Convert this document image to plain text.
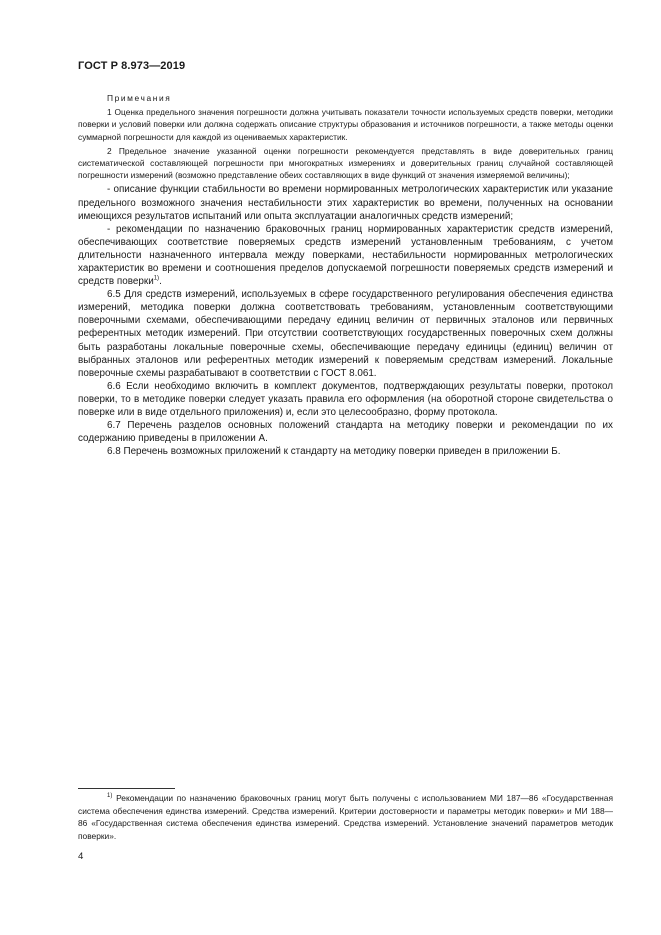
ГОСТ Р 8.973—2019

Примечания

1 Оценка предельного значения погрешности должна учитывать показатели точности используемых средств поверки, методики поверки и условий поверки или должна содержать описание структуры образования и источников погрешности, а также методы оценки суммарной погрешности для каждой из оцениваемых характеристик.

2 Предельное значение указанной оценки погрешности рекомендуется представлять в виде доверительных границ систематической составляющей погрешности при многократных измерениях и доверительных границ случайной составляющей погрешности измерений (возможно представление обеих составляющих в виде функций от значения измеряемой величины);

- описание функции стабильности во времени нормированных метрологических характеристик или указание предельного возможного значения нестабильности этих характеристик во времени, полученных на основании имеющихся результатов испытаний или опыта эксплуатации аналогичных средств измерений;

- рекомендации по назначению браковочных границ нормированных характеристик средств измерений, обеспечивающих соответствие поверяемых средств измерений установленным требованиям, с учетом длительности назначенного интервала между поверками, нестабильности нормированных метрологических характеристик во времени и соотношения пределов допускаемой погрешности поверяемых средств измерений и средств поверки$^{1)}$.

6.5 Для средств измерений, используемых в сфере государственного регулирования обеспечения единства измерений, методика поверки должна соответствовать требованиям, установленным соответствующими поверочными схемами, обеспечивающими передачу единиц величин от первичных эталонов или первичных референтных методик измерений. При отсутствии соответствующих государственных поверочных схем должны быть разработаны локальные поверочные схемы, обеспечивающие передачу единицы (единиц) величин от выбранных эталонов или референтных методик измерений к поверяемым средствам измерений. Локальные поверочные схемы разрабатывают в соответствии с ГОСТ 8.061.

6.6 Если необходимо включить в комплект документов, подтверждающих результаты поверки, протокол поверки, то в методике поверки следует указать правила его оформления (на оборотной стороне свидетельства о поверке или в виде отдельного приложения) и, если это целесообразно, форму протокола.

6.7 Перечень разделов основных положений стандарта на методику поверки и рекомендации по их содержанию приведены в приложении А.

6.8 Перечень возможных приложений к стандарту на методику поверки приведен в приложении Б.

$^{1)}$ Рекомендации по назначению браковочных границ могут быть получены с использованием МИ 187—86 «Государственная система обеспечения единства измерений. Средства измерений. Критерии достоверности и параметры методик поверки» и МИ 188—86 «Государственная система обеспечения единства измерений. Средства измерений. Установление значений параметров методик поверки».
4
